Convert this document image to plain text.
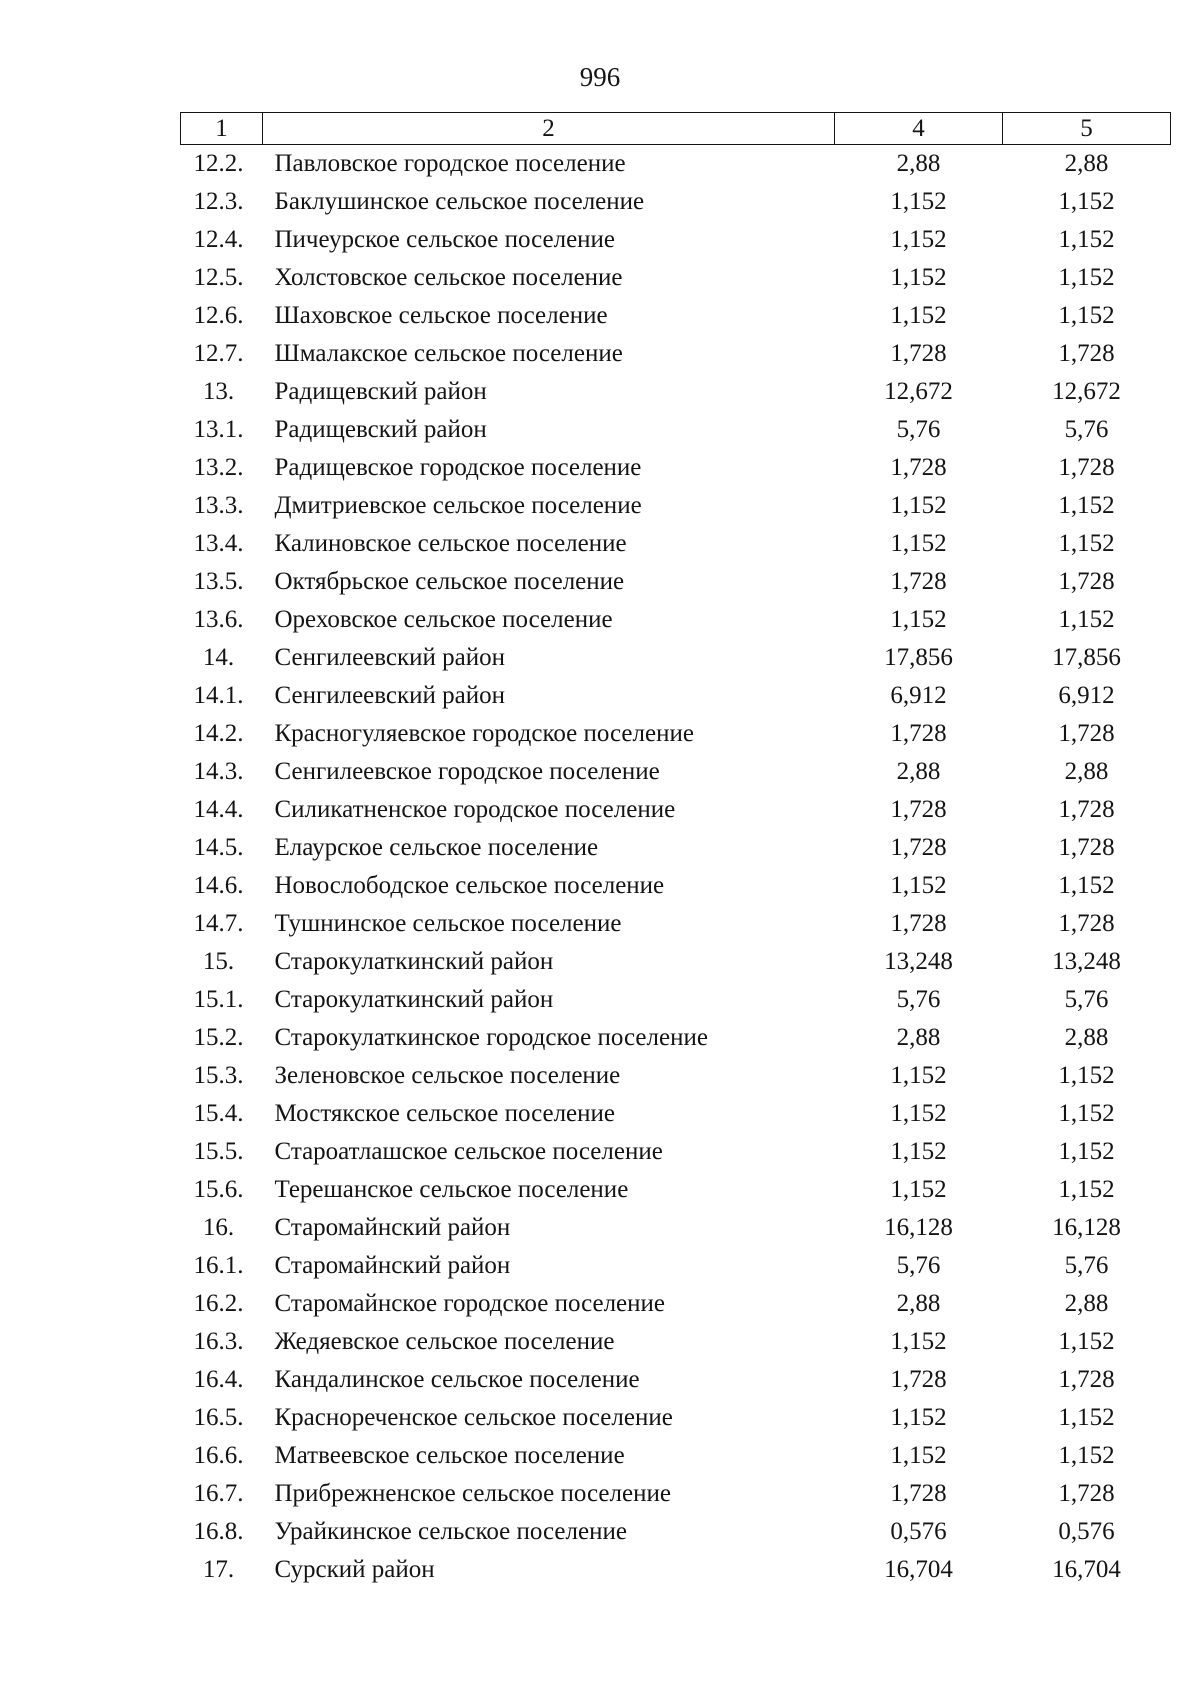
996
1	2	4	5
12.2.	Павловское городское поселение	2,88	2,88
12.3.	Баклушинское сельское поселение	1,152	1,152
12.4.	Пичеурское сельское поселение	1,152	1,152
12.5.	Холстовское сельское поселение	1,152	1,152
12.6.	Шаховское сельское поселение	1,152	1,152
12.7.	Шмалакское сельское поселение	1,728	1,728
13.	Радищевский район	12,672	12,672
13.1.	Радищевский район	5,76	5,76
13.2.	Радищевское городское поселение	1,728	1,728
13.3.	Дмитриевское сельское поселение	1,152	1,152
13.4.	Калиновское сельское поселение	1,152	1,152
13.5.	Октябрьское сельское поселение	1,728	1,728
13.6.	Ореховское сельское поселение	1,152	1,152
14.	Сенгилеевский район	17,856	17,856
14.1.	Сенгилеевский район	6,912	6,912
14.2.	Красногуляевское городское поселение	1,728	1,728
14.3.	Сенгилеевское городское поселение	2,88	2,88
14.4.	Силикатненское городское поселение	1,728	1,728
14.5.	Елаурское сельское поселение	1,728	1,728
14.6.	Новослободское сельское поселение	1,152	1,152
14.7.	Тушнинское сельское поселение	1,728	1,728
15.	Старокулаткинский район	13,248	13,248
15.1.	Старокулаткинский район	5,76	5,76
15.2.	Старокулаткинское городское поселение	2,88	2,88
15.3.	Зеленовское сельское поселение	1,152	1,152
15.4.	Мостякское сельское поселение	1,152	1,152
15.5.	Староатлашское сельское поселение	1,152	1,152
15.6.	Терешанское сельское поселение	1,152	1,152
16.	Старомайнский район	16,128	16,128
16.1.	Старомайнский район	5,76	5,76
16.2.	Старомайнское городское поселение	2,88	2,88
16.3.	Жедяевское сельское поселение	1,152	1,152
16.4.	Кандалинское сельское поселение	1,728	1,728
16.5.	Краснореченское сельское поселение	1,152	1,152
16.6.	Матвеевское сельское поселение	1,152	1,152
16.7.	Прибрежненское сельское поселение	1,728	1,728
16.8.	Урайкинское сельское поселение	0,576	0,576
17.	Сурский район	16,704	16,704
